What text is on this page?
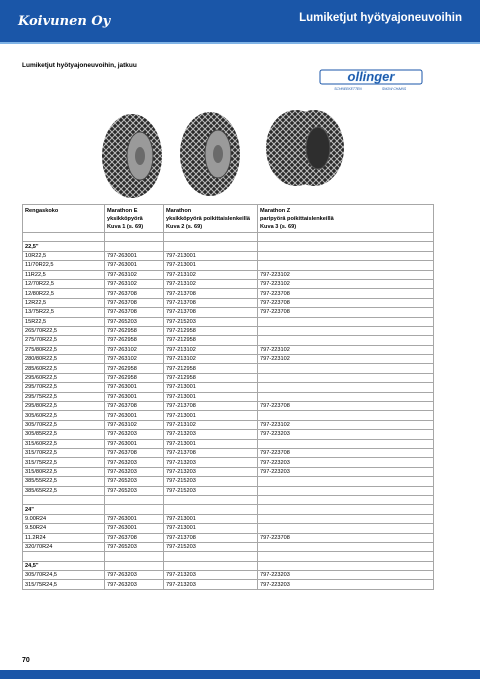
Koivunen Oy	Lumiketjut hyötyajoneuvoihin
Lumiketjut hyötyajoneuvoihin, jatkuu
ollinger
SCHNEEKETTEN	SNOW CHAINS
Rengaskoko	Marathon E
yksikköpyörä
Kuva 1 (s. 69)	Marathon
yksikköpyörä poikittaislenkeillä
Kuva 2 (s. 69)	Marathon Z
paripyörä poikittaislenkeillä
Kuva 3 (s. 69)

22,5"			
10R22,5	797-263001	797-213001	
11/70R22,5	797-263001	797-213001	
11R22,5	797-263102	797-213102	797-223102
12/70R22,5	797-263102	797-213102	797-223102
12/80R22,5	797-263708	797-213708	797-223708
12R22,5	797-263708	797-213708	797-223708
13/75R22,5	797-263708	797-213708	797-223708
15R22,5	797-265203	797-215203	
265/70R22,5	797-262958	797-212958	
275/70R22,5	797-262958	797-212958	
275/80R22,5	797-263102	797-213102	797-223102
280/80R22,5	797-263102	797-213102	797-223102
285/60R22,5	797-262958	797-212958	
295/60R22,5	797-262958	797-212958	
295/70R22,5	797-263001	797-213001	
295/75R22,5	797-263001	797-213001	
295/80R22,5	797-263708	797-213708	797-223708
305/60R22,5	797-263001	797-213001	
305/70R22,5	797-263102	797-213102	797-223102
305/85R22,5	797-263203	797-213203	797-223203
315/60R22,5	797-263001	797-213001	
315/70R22,5	797-263708	797-213708	797-223708
315/75R22,5	797-263203	797-213203	797-223203
315/80R22,5	797-263203	797-213203	797-223203
385/55R22,5	797-265203	797-215203	
385/65R22,5	797-265203	797-215203	

24"			
9.00R24	797-263001	797-213001	
9.50R24	797-263001	797-213001	
11.2R24	797-263708	797-213708	797-223708
320/70R24	797-265203	797-215203	

24,5"			
305/70R24,5	797-263203	797-213203	797-223203
315/75R24,5	797-263203	797-213203	797-223203
70
